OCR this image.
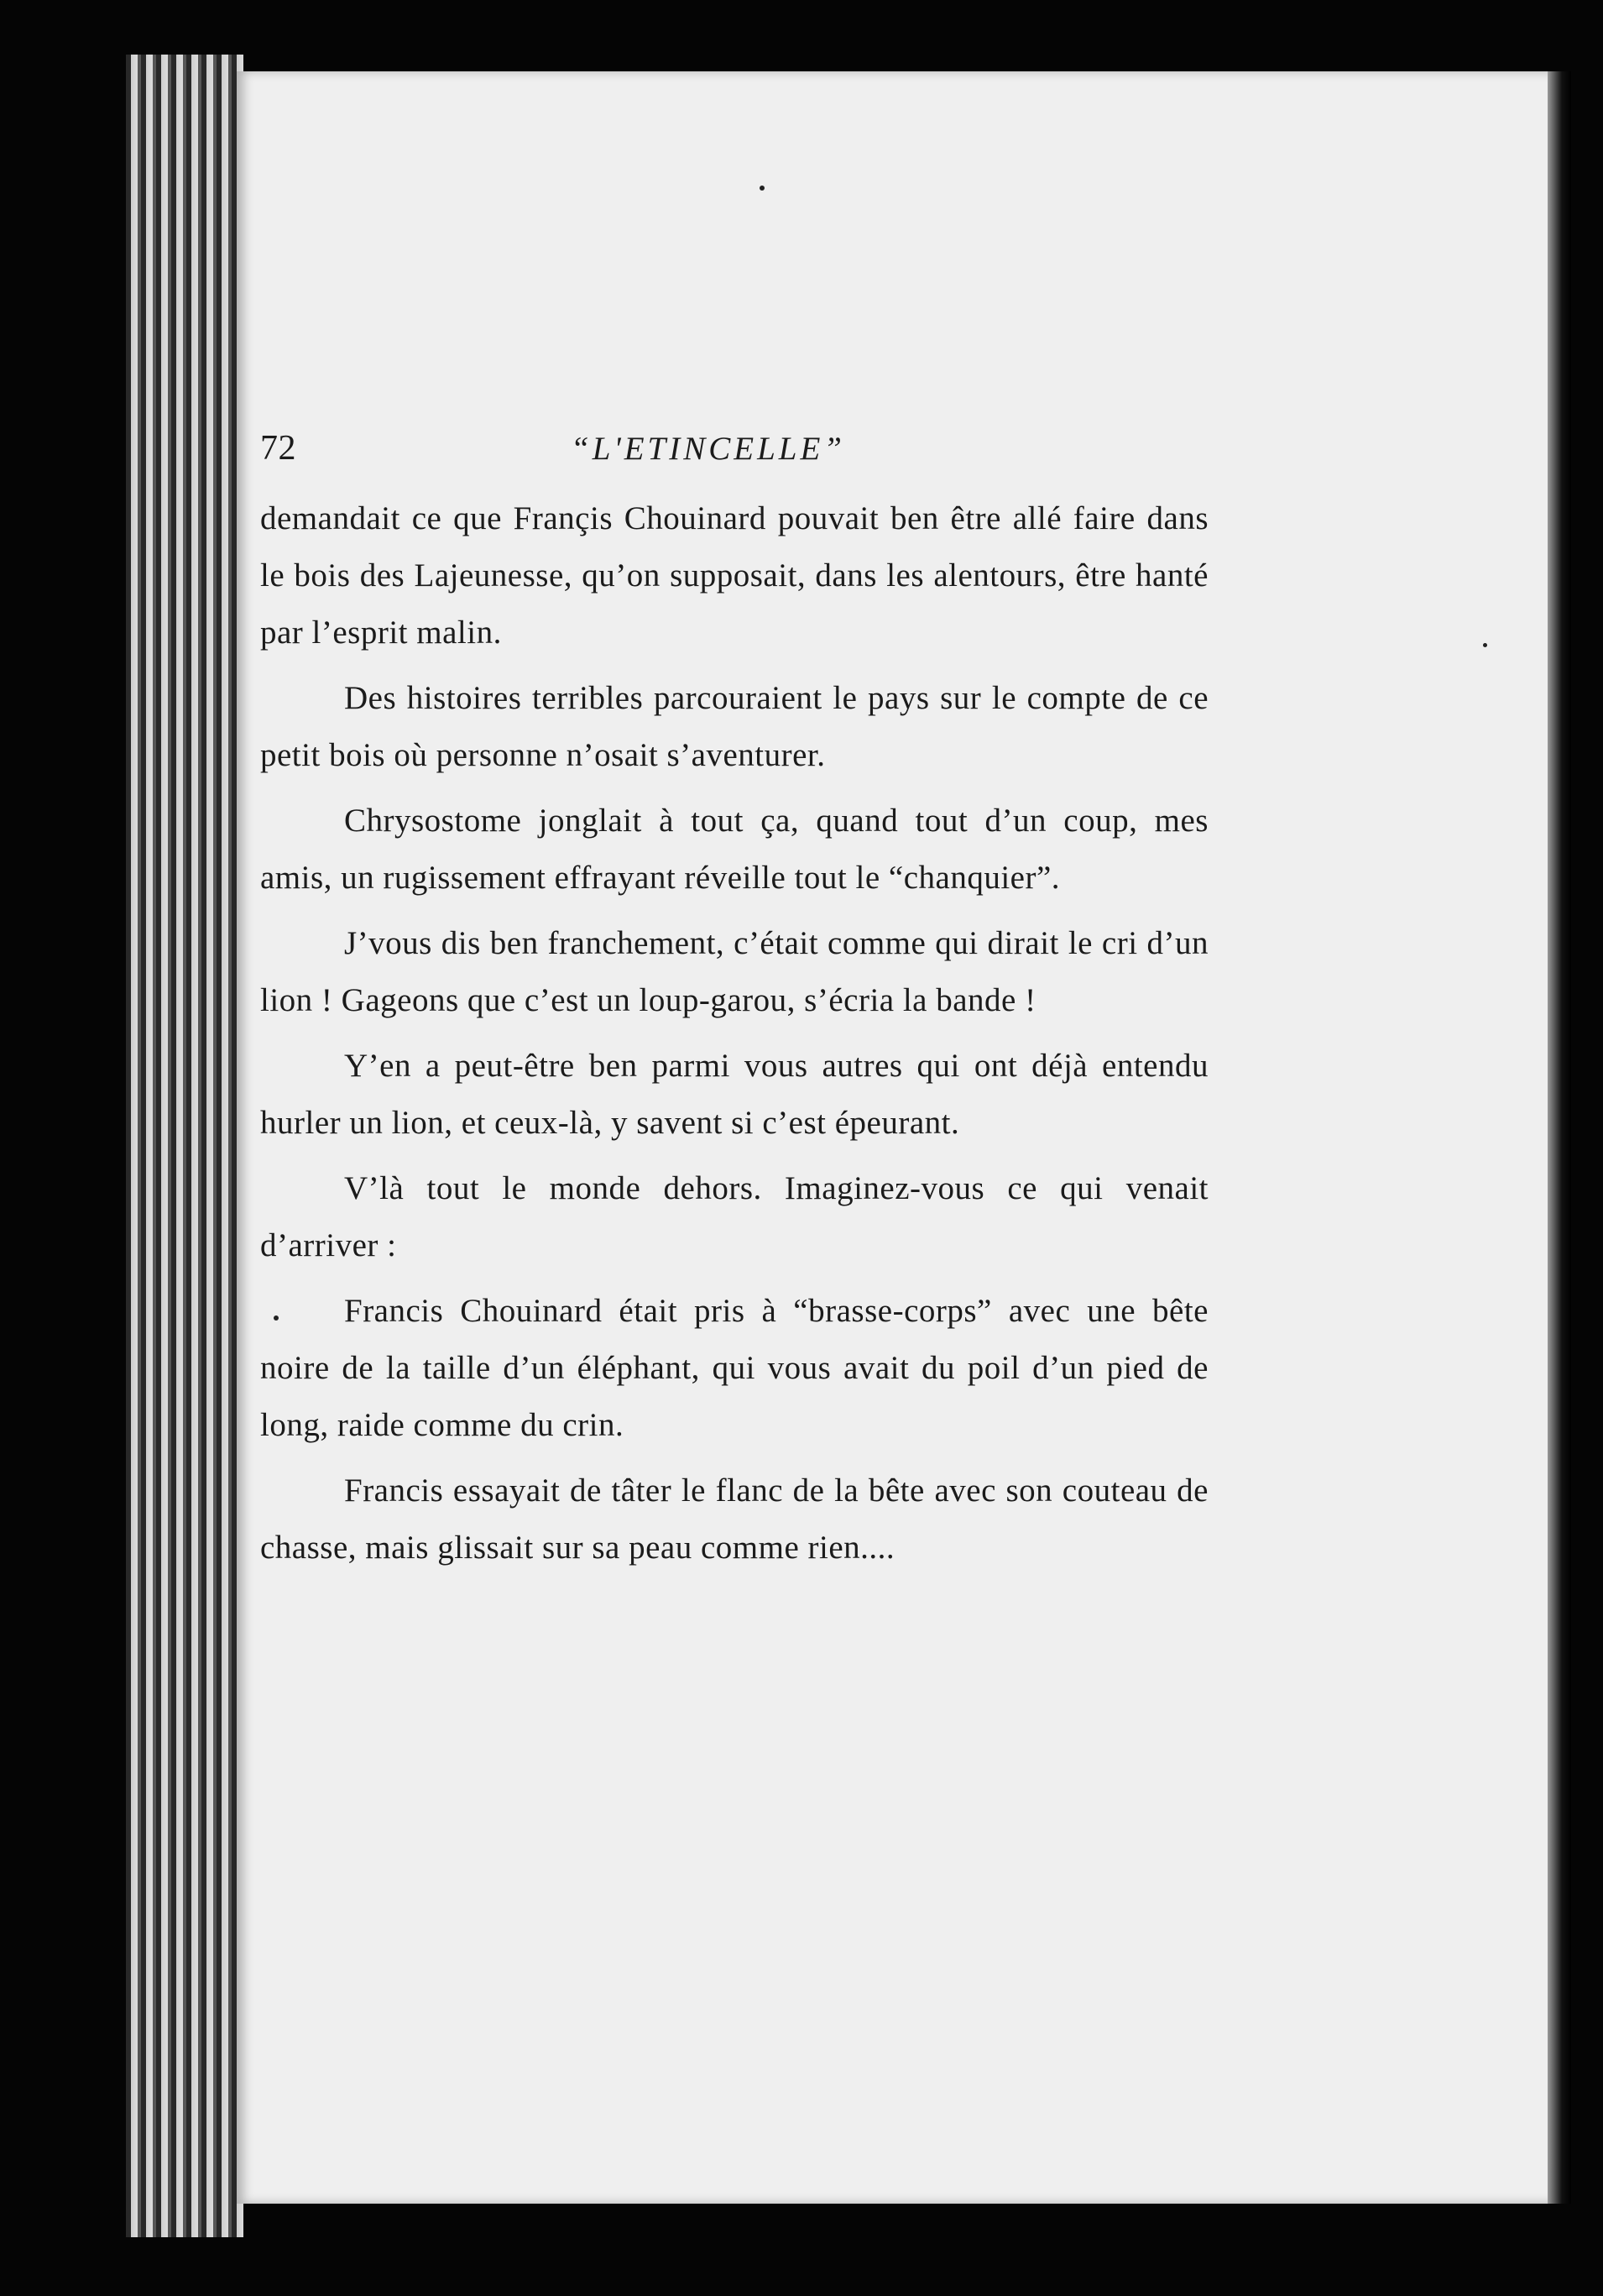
72	“L'ETINCELLE”

demandait ce que Françis Chouinard pouvait ben être allé faire dans le bois des Lajeunesse, qu’on supposait, dans les alentours, être hanté par l’esprit malin.

Des histoires terribles parcouraient le pays sur le compte de ce petit bois où personne n’osait s’aventurer.

Chrysostome jonglait à tout ça, quand tout d’un coup, mes amis, un rugissement effrayant réveille tout le “chanquier”.

J’vous dis ben franchement, c’était comme qui dirait le cri d’un lion ! Gageons que c’est un loup-garou, s’écria la bande !

Y’en a peut-être ben parmi vous autres qui ont déjà entendu hurler un lion, et ceux-là, y savent si c’est épeurant.

V’là tout le monde dehors. Imaginez-vous ce qui venait d’arriver :

Francis Chouinard était pris à “brasse-corps” avec une bête noire de la taille d’un éléphant, qui vous avait du poil d’un pied de long, raide comme du crin.

Francis essayait de tâter le flanc de la bête avec son couteau de chasse, mais glissait sur sa peau comme rien....
